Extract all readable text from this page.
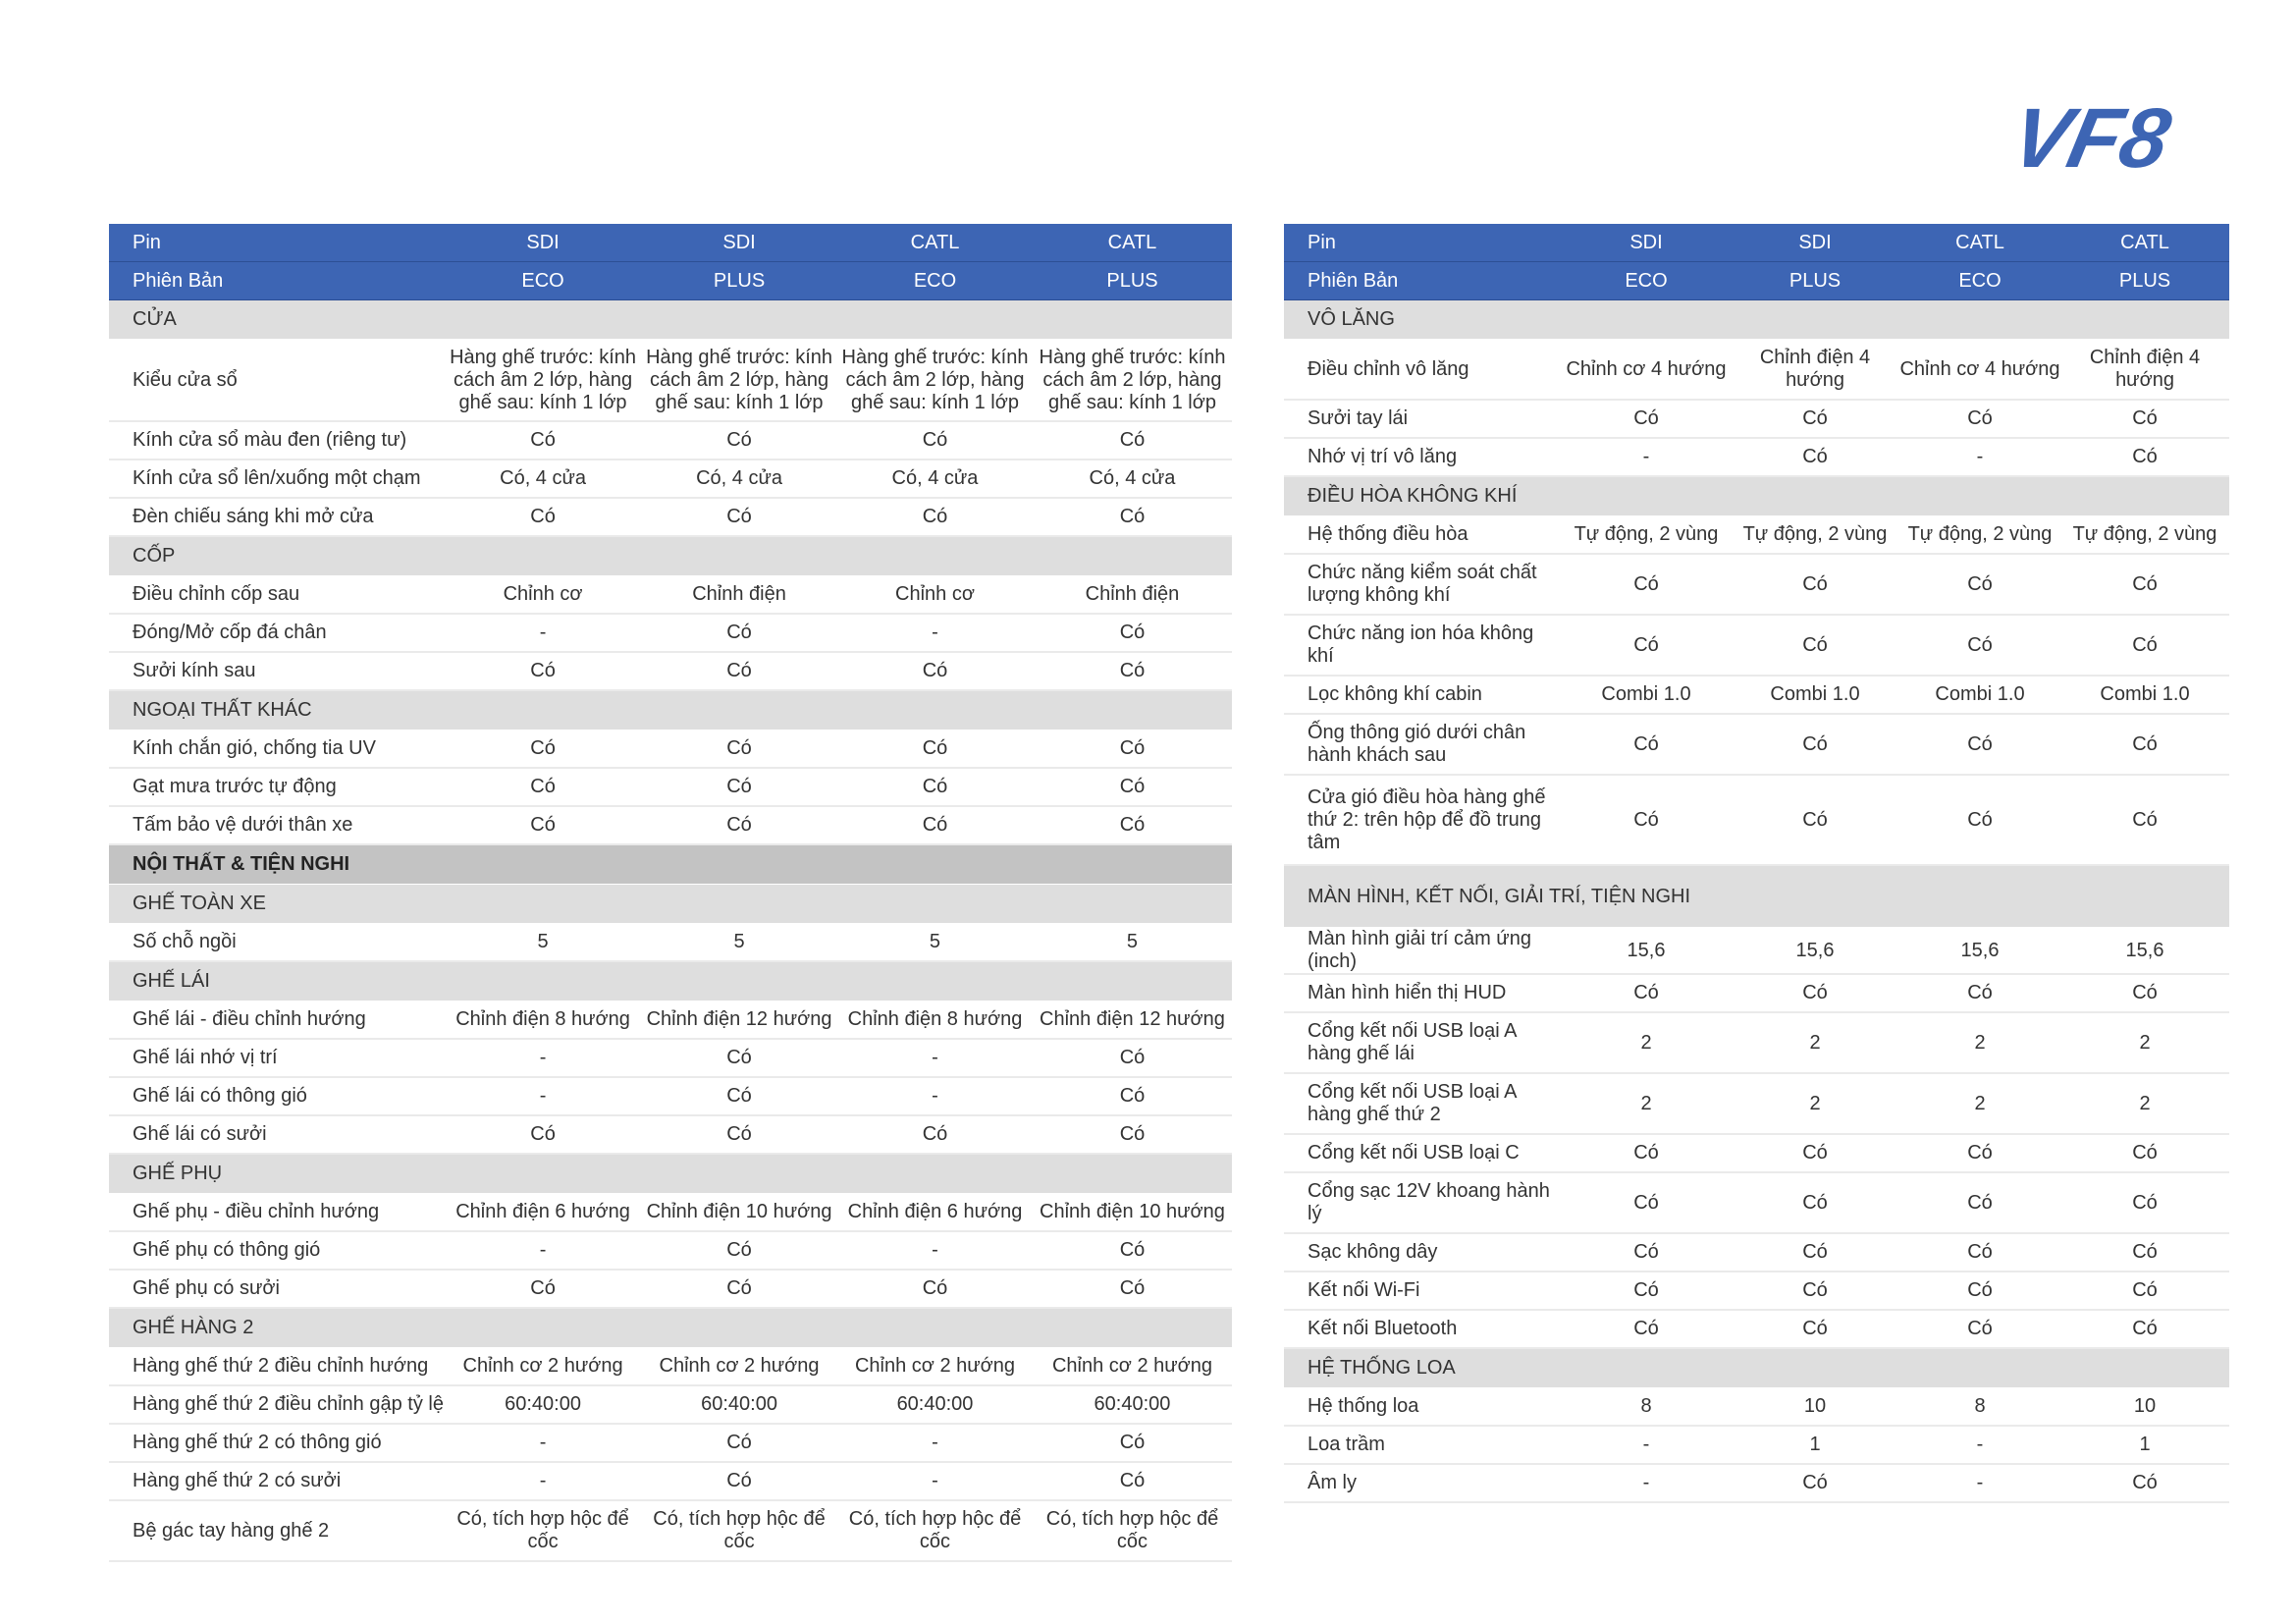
VF8
Pin	SDI	SDI	CATL	CATL
Phiên Bản	ECO	PLUS	ECO	PLUS
CỬA				
Kiểu cửa sổ	Hàng ghế trước: kính cách âm 2 lớp, hàng ghế sau: kính 1 lớp	Hàng ghế trước: kính cách âm 2 lớp, hàng ghế sau: kính 1 lớp	Hàng ghế trước: kính cách âm 2 lớp, hàng ghế sau: kính 1 lớp	Hàng ghế trước: kính cách âm 2 lớp, hàng ghế sau: kính 1 lớp
Kính cửa sổ màu đen (riêng tư)	Có	Có	Có	Có
Kính cửa sổ lên/xuống một chạm	Có, 4 cửa	Có, 4 cửa	Có, 4 cửa	Có, 4 cửa
Đèn chiếu sáng khi mở cửa	Có	Có	Có	Có
CỐP				
Điều chỉnh cốp sau	Chỉnh cơ	Chỉnh điện	Chỉnh cơ	Chỉnh điện
Đóng/Mở cốp đá chân	-	Có	-	Có
Sưởi kính sau	Có	Có	Có	Có
NGOẠI THẤT KHÁC				
Kính chắn gió, chống tia UV	Có	Có	Có	Có
Gạt mưa trước tự động	Có	Có	Có	Có
Tấm bảo vệ dưới thân xe	Có	Có	Có	Có
NỘI THẤT & TIỆN NGHI				
GHẾ TOÀN XE				
Số chỗ ngồi	5	5	5	5
GHẾ LÁI				
Ghế lái - điều chỉnh hướng	Chỉnh điện 8 hướng	Chỉnh điện 12 hướng	Chỉnh điện 8 hướng	Chỉnh điện 12 hướng
Ghế lái nhớ vị trí	-	Có	-	Có
Ghế lái có thông gió	-	Có	-	Có
Ghế lái có sưởi	Có	Có	Có	Có
GHẾ PHỤ				
Ghế phụ - điều chỉnh hướng	Chỉnh điện 6 hướng	Chỉnh điện 10 hướng	Chỉnh điện 6 hướng	Chỉnh điện 10 hướng
Ghế phụ có thông gió	-	Có	-	Có
Ghế phụ có sưởi	Có	Có	Có	Có
GHẾ HÀNG 2				
Hàng ghế thứ 2 điều chỉnh hướng	Chỉnh cơ 2 hướng	Chỉnh cơ 2 hướng	Chỉnh cơ 2 hướng	Chỉnh cơ 2 hướng
Hàng ghế thứ 2 điều chỉnh gập tỷ lệ	60:40:00	60:40:00	60:40:00	60:40:00
Hàng ghế thứ 2 có thông gió	-	Có	-	Có
Hàng ghế thứ 2 có sưởi	-	Có	-	Có
Bệ gác tay hàng ghế 2	Có, tích hợp hộc để cốc	Có, tích hợp hộc để cốc	Có, tích hợp hộc để cốc	Có, tích hợp hộc để cốc
Pin	SDI	SDI	CATL	CATL
Phiên Bản	ECO	PLUS	ECO	PLUS
VÔ LĂNG				
Điều chỉnh vô lăng	Chỉnh cơ 4 hướng	Chỉnh điện 4 hướng	Chỉnh cơ 4 hướng	Chỉnh điện 4 hướng
Sưởi tay lái	Có	Có	Có	Có
Nhớ vị trí vô lăng	-	Có	-	Có
ĐIỀU HÒA KHÔNG KHÍ				
Hệ thống điều hòa	Tự động, 2 vùng	Tự động, 2 vùng	Tự động, 2 vùng	Tự động, 2 vùng
Chức năng kiểm soát chất lượng không khí	Có	Có	Có	Có
Chức năng ion hóa không khí	Có	Có	Có	Có
Lọc không khí cabin	Combi 1.0	Combi 1.0	Combi 1.0	Combi 1.0
Ống thông gió dưới chân hành khách sau	Có	Có	Có	Có
Cửa gió điều hòa hàng ghế thứ 2: trên hộp để đồ trung tâm	Có	Có	Có	Có
MÀN HÌNH, KẾT NỐI, GIẢI TRÍ, TIỆN NGHI				
Màn hình giải trí cảm ứng (inch)	15,6	15,6	15,6	15,6
Màn hình hiển thị HUD	Có	Có	Có	Có
Cổng kết nối USB loại A hàng ghế lái	2	2	2	2
Cổng kết nối USB loại A hàng ghế thứ 2	2	2	2	2
Cổng kết nối USB loại C	Có	Có	Có	Có
Cổng sạc 12V khoang hành lý	Có	Có	Có	Có
Sạc không dây	Có	Có	Có	Có
Kết nối Wi-Fi	Có	Có	Có	Có
Kết nối Bluetooth	Có	Có	Có	Có
HỆ THỐNG LOA				
Hệ thống loa	8	10	8	10
Loa trầm	-	1	-	1
Âm ly	-	Có	-	Có
